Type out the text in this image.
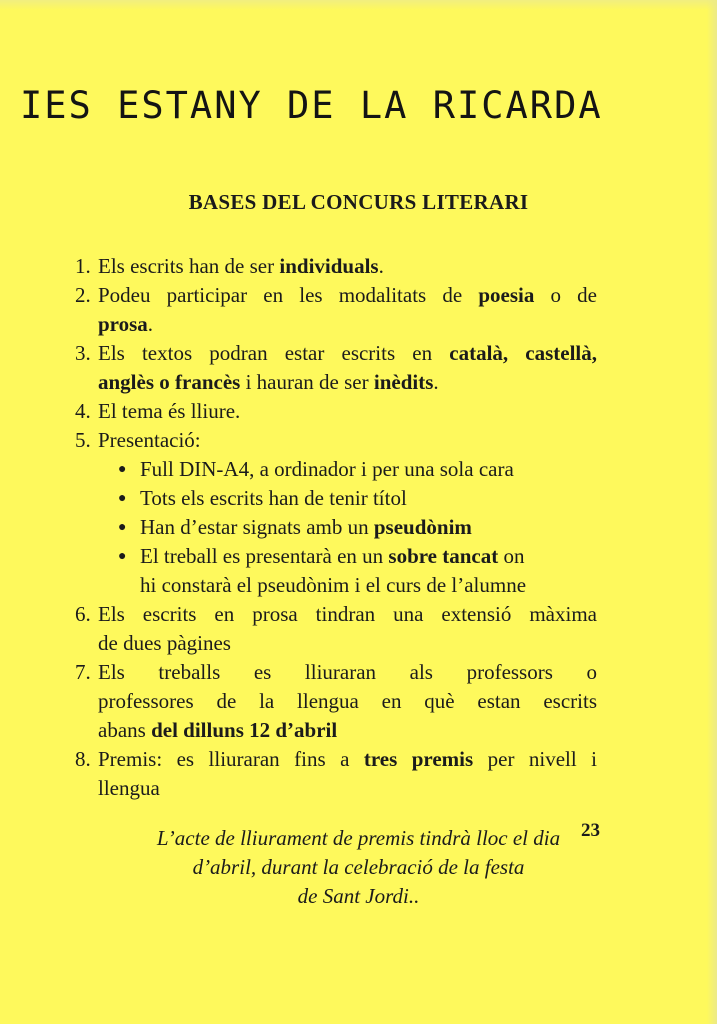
IES ESTANY DE LA RICARDA
BASES DEL CONCURS LITERARI
1. Els escrits han de ser individuals.
2. Podeu participar en les modalitats de poesia o de
prosa.
3. Els textos podran estar escrits en català, castellà,
anglès o francès i hauran de ser inèdits.
4. El tema és lliure.
5. Presentació:
● Full DIN-A4, a ordinador i per una sola cara
● Tots els escrits han de tenir títol
● Han d’estar signats amb un pseudònim
● El treball es presentarà en un sobre tancat on
hi constarà el pseudònim i el curs de l’alumne
6. Els escrits en prosa tindran una extensió màxima
de dues pàgines
7. Els treballs es lliuraran als professors o
professores de la llengua en què estan escrits
abans del dilluns 12 d’abril
8. Premis: es lliuraran fins a tres premis per nivell i
llengua
L’acte de lliurament de premis tindrà lloc el dia
d’abril, durant la celebració de la festa
de Sant Jordi..
23
